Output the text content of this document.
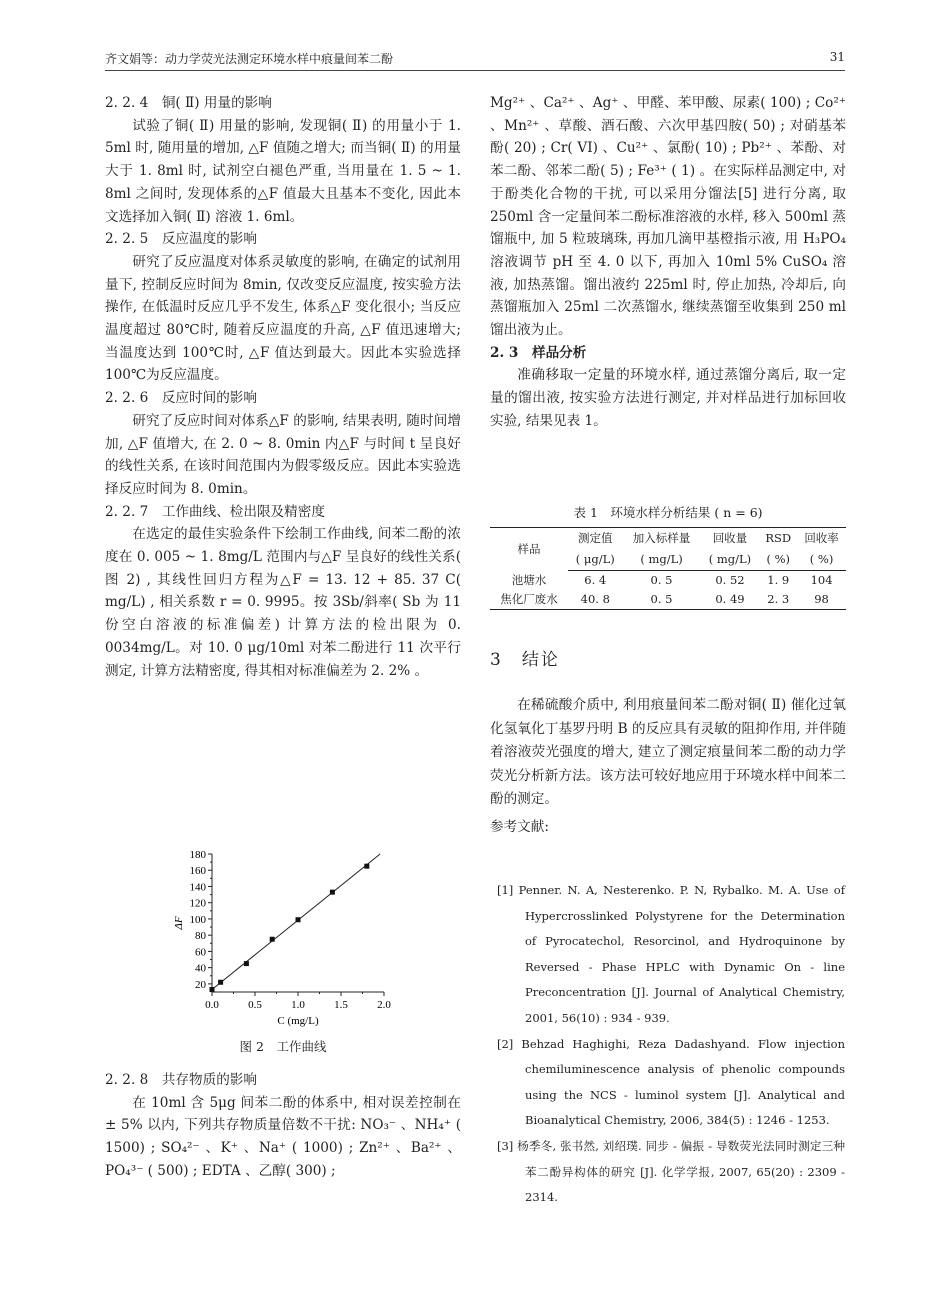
齐文娟等：动力学荧光法测定环境水样中痕量间苯二酚	31
2. 2. 4　铜( Ⅱ) 用量的影响

试验了铜( Ⅱ) 用量的影响, 发现铜( Ⅱ) 的用量小于 1. 5ml 时, 随用量的增加, △F 值随之增大; 而当铜( Ⅱ) 的用量大于 1. 8ml 时, 试剂空白褪色严重, 当用量在 1. 5 ~ 1. 8ml 之间时, 发现体系的△F 值最大且基本不变化, 因此本文选择加入铜( Ⅱ) 溶液 1. 6ml。

2. 2. 5　反应温度的影响

研究了反应温度对体系灵敏度的影响, 在确定的试剂用量下, 控制反应时间为 8min, 仅改变反应温度, 按实验方法操作, 在低温时反应几乎不发生, 体系△F 变化很小; 当反应温度超过 80℃时, 随着反应温度的升高, △F 值迅速增大; 当温度达到 100℃时, △F 值达到最大。因此本实验选择 100℃为反应温度。

2. 2. 6　反应时间的影响

研究了反应时间对体系△F 的影响, 结果表明, 随时间增加, △F 值增大, 在 2. 0 ~ 8. 0min 内△F 与时间 t 呈良好的线性关系, 在该时间范围内为假零级反应。因此本实验选择反应时间为 8. 0min。

2. 2. 7　工作曲线、检出限及精密度

在选定的最佳实验条件下绘制工作曲线, 间苯二酚的浓度在 0. 005 ~ 1. 8mg/L 范围内与△F 呈良好的线性关系( 图 2) , 其线性回归方程为△F = 13. 12 + 85. 37 C( mg/L) , 相关系数 r = 0. 9995。按 3Sb/斜率( Sb 为 11 份空白溶液的标准偏差) 计算方法的检出限为 0. 0034mg/L。对 10. 0 μg/10ml 对苯二酚进行 11 次平行测定, 计算方法精密度, 得其相对标准偏差为 2. 2% 。

0.0	0.5	1.0	1.5	2.0
20
40
60
80
100
120
140
160
180
C (mg/L)
ΔF
图 2　工作曲线
2. 2. 8　共存物质的影响

在 10ml 含 5μg 间苯二酚的体系中, 相对误差控制在 ± 5% 以内, 下列共存物质量倍数不干扰: NO₃⁻ 、NH₄⁺ ( 1500) ; SO₄²⁻ 、K⁺ 、Na⁺ ( 1000) ; Zn²⁺ 、Ba²⁺ 、PO₄³⁻ ( 500) ; EDTA 、乙醇( 300) ;

Mg²⁺ 、Ca²⁺ 、Ag⁺ 、甲醛、苯甲酸、尿素( 100) ; Co²⁺ 、Mn²⁺ 、草酸、酒石酸、六次甲基四胺( 50) ; 对硝基苯酚( 20) ; Cr( VI) 、Cu²⁺ 、氯酚( 10) ; Pb²⁺ 、苯酚、对苯二酚、邻苯二酚( 5) ; Fe³⁺ ( 1) 。在实际样品测定中, 对于酚类化合物的干扰, 可以采用分馏法[5] 进行分离, 取 250ml 含一定量间苯二酚标准溶液的水样, 移入 500ml 蒸馏瓶中, 加 5 粒玻璃珠, 再加几滴甲基橙指示液, 用 H₃PO₄ 溶液调节 pH 至 4. 0 以下, 再加入 10ml 5% CuSO₄ 溶液, 加热蒸馏。馏出液约 225ml 时, 停止加热, 冷却后, 向蒸馏瓶加入 25ml 二次蒸馏水, 继续蒸馏至收集到 250 ml 馏出液为止。

2. 3　样品分析

准确移取一定量的环境水样, 通过蒸馏分离后, 取一定量的馏出液, 按实验方法进行测定, 并对样品进行加标回收实验, 结果见表 1。

表 1　环境水样分析结果 ( n = 6)
样品	测定值	加入标样量	回收量	RSD	回收率
	( μg/L)	( mg/L)	( mg/L)	( %)	( %)
池塘水	6. 4	0. 5	0. 52	1. 9	104
焦化厂废水	40. 8	0. 5	0. 49	2. 3	98
3　结论

在稀硫酸介质中, 利用痕量间苯二酚对铜( Ⅱ) 催化过氧化氢氧化丁基罗丹明 B 的反应具有灵敏的阻抑作用, 并伴随着溶液荧光强度的增大, 建立了测定痕量间苯二酚的动力学荧光分析新方法。该方法可较好地应用于环境水样中间苯二酚的测定。

参考文献:

[1] Penner. N. A, Nesterenko. P. N, Rybalko. M. A. Use of Hypercrosslinked Polystyrene for the Determination of Pyrocatechol, Resorcinol, and Hydroquinone by Reversed - Phase HPLC with Dynamic On - line Preconcentration [J]. Journal of Analytical Chemistry, 2001, 56(10) : 934 - 939.

[2] Behzad Haghighi, Reza Dadashyand. Flow injection chemiluminescence analysis of phenolic compounds using the NCS - luminol system [J]. Analytical and Bioanalytical Chemistry, 2006, 384(5) : 1246 - 1253.

[3] 杨季冬, 张书然, 刘绍璞. 同步 - 偏振 - 导数荧光法同时测定三种苯二酚异构体的研究 [J]. 化学学报, 2007, 65(20) : 2309 - 2314.
